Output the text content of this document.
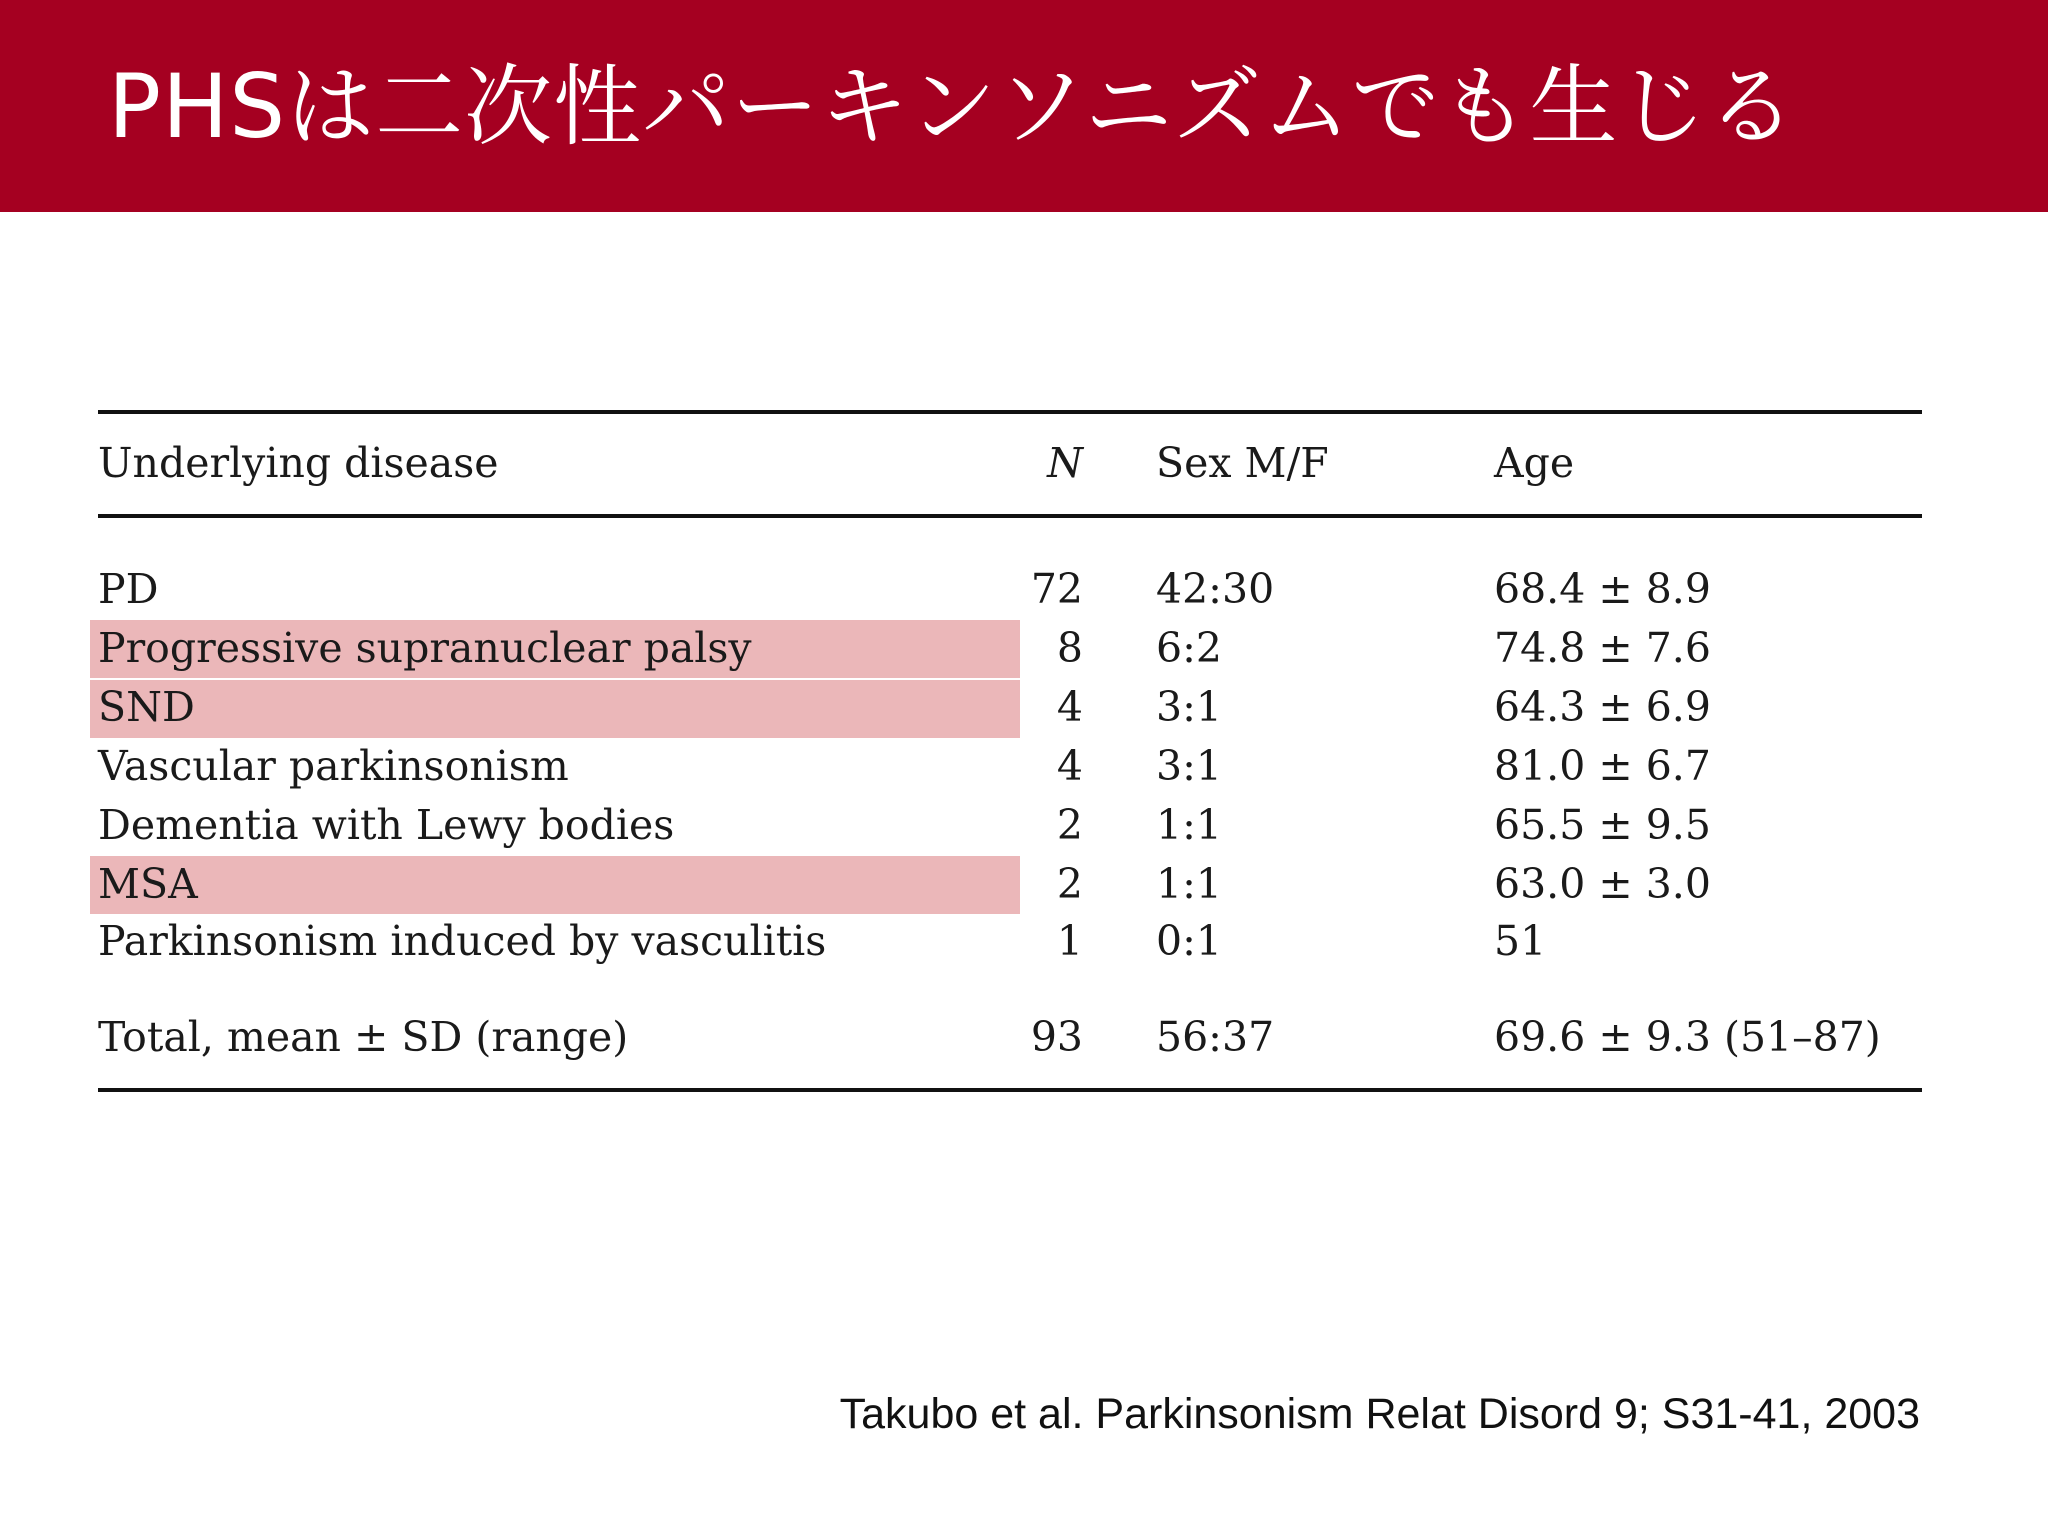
PHSは二次性パーキンソニズムでも生じる
Underlying disease	N Sex M/F	Age
PD	72 42:30	68.4 ± 8.9
Progressive supranuclear palsy	8 6:2	74.8 ± 7.6
SND	4 3:1	64.3 ± 6.9
Vascular parkinsonism	4 3:1	81.0 ± 6.7
Dementia with Lewy bodies	2 1:1	65.5 ± 9.5
MSA	2 1:1	63.0 ± 3.0
Parkinsonism induced by vasculitis	1 0:1	51
Total, mean ± SD (range)	93 56:37	69.6 ± 9.3 (51–87)
Takubo et al. Parkinsonism Relat Disord 9; S31-41, 2003
